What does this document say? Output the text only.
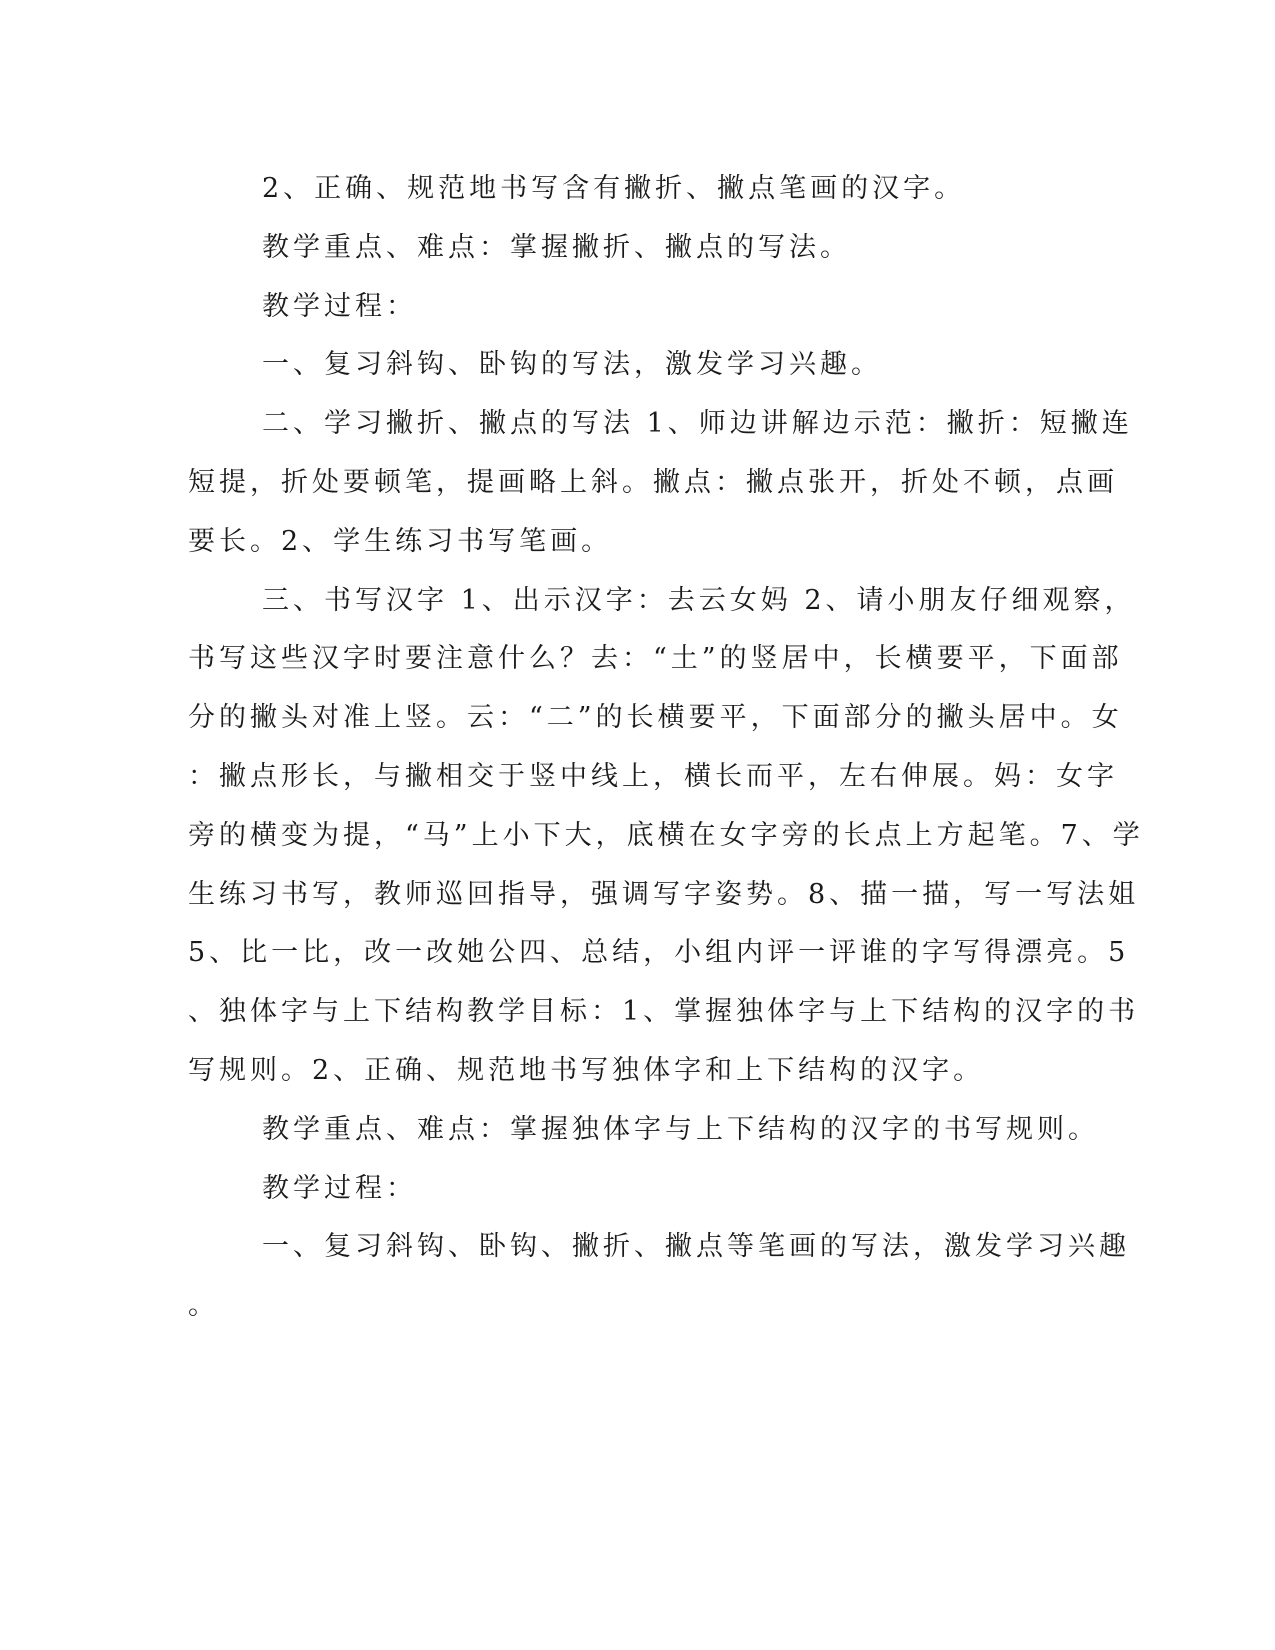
2、正确、规范地书写含有撇折、撇点笔画的汉字。
教学重点、难点：掌握撇折、撇点的写法。
教学过程：
一、复习斜钩、卧钩的写法，激发学习兴趣。
二、学习撇折、撇点的写法 1、师边讲解边示范：撇折：短撇连
短提，折处要顿笔，提画略上斜。撇点：撇点张开，折处不顿，点画
要长。2、学生练习书写笔画。
三、书写汉字 1、出示汉字：去云女妈 2、请小朋友仔细观察，
书写这些汉字时要注意什么？去：“土”的竖居中，长横要平，下面部
分的撇头对准上竖。云：“二”的长横要平，下面部分的撇头居中。女
：撇点形长，与撇相交于竖中线上，横长而平，左右伸展。妈：女字
旁的横变为提，“马”上小下大，底横在女字旁的长点上方起笔。7、学
生练习书写，教师巡回指导，强调写字姿势。8、描一描，写一写法姐
5、比一比，改一改她公四、总结，小组内评一评谁的字写得漂亮。5
、独体字与上下结构教学目标：1、掌握独体字与上下结构的汉字的书
写规则。2、正确、规范地书写独体字和上下结构的汉字。
教学重点、难点：掌握独体字与上下结构的汉字的书写规则。
教学过程：
一、复习斜钩、卧钩、撇折、撇点等笔画的写法，激发学习兴趣
。
